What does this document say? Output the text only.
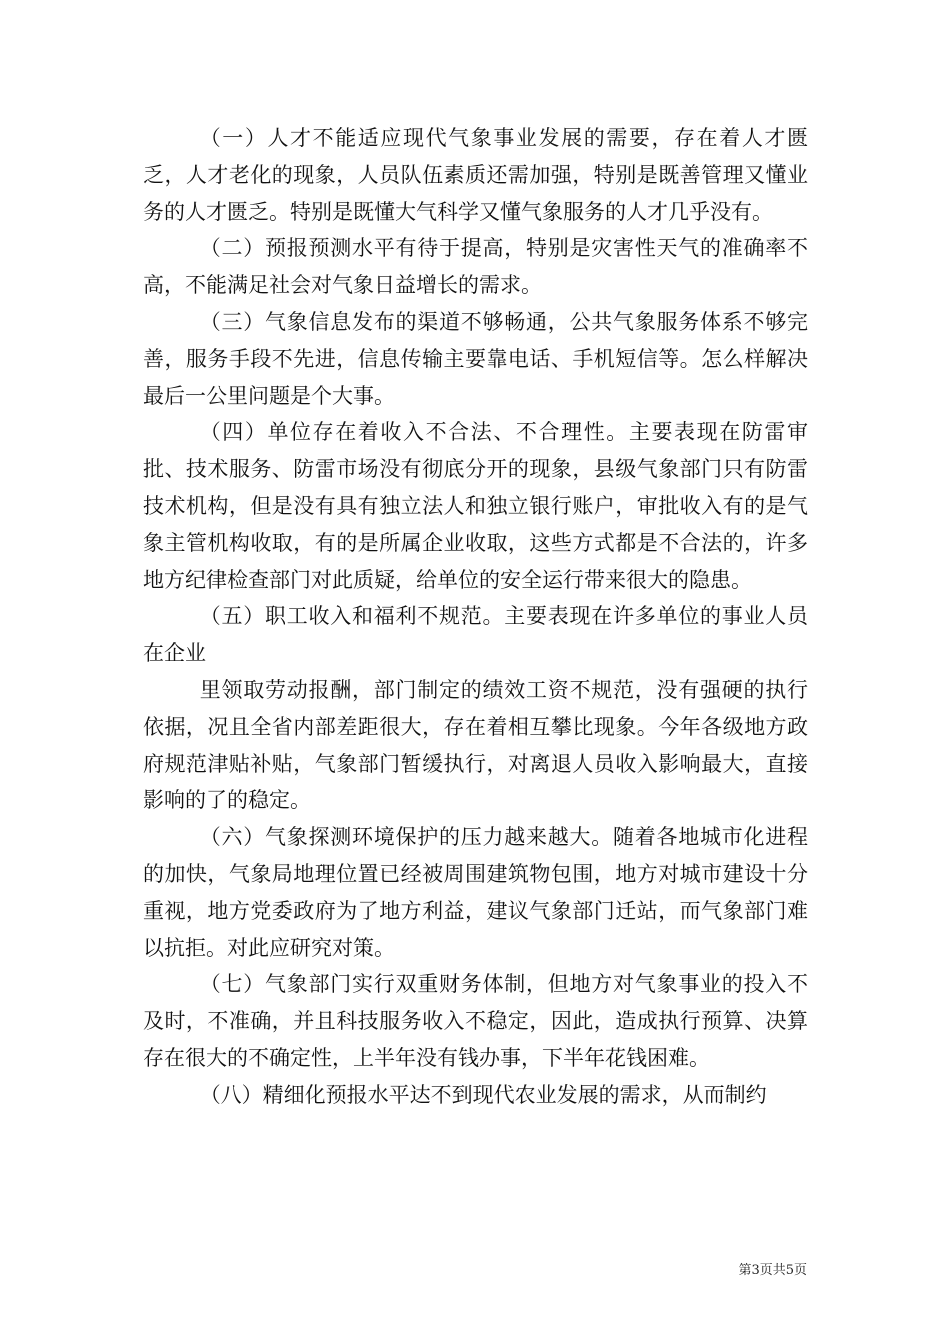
（一）人才不能适应现代气象事业发展的需要，存在着人才匮乏，人才老化的现象，人员队伍素质还需加强，特别是既善管理又懂业务的人才匮乏。特别是既懂大气科学又懂气象服务的人才几乎没有。

（二）预报预测水平有待于提高，特别是灾害性天气的准确率不高，不能满足社会对气象日益增长的需求。

（三）气象信息发布的渠道不够畅通，公共气象服务体系不够完善，服务手段不先进，信息传输主要靠电话、手机短信等。怎么样解决最后一公里问题是个大事。

（四）单位存在着收入不合法、不合理性。主要表现在防雷审批、技术服务、防雷市场没有彻底分开的现象，县级气象部门只有防雷技术机构，但是没有具有独立法人和独立银行账户，审批收入有的是气象主管机构收取，有的是所属企业收取，这些方式都是不合法的，许多地方纪律检查部门对此质疑，给单位的安全运行带来很大的隐患。

（五）职工收入和福利不规范。主要表现在许多单位的事业人员在企业

里领取劳动报酬，部门制定的绩效工资不规范，没有强硬的执行依据，况且全省内部差距很大，存在着相互攀比现象。今年各级地方政府规范津贴补贴，气象部门暂缓执行，对离退人员收入影响最大，直接影响的了的稳定。

（六）气象探测环境保护的压力越来越大。随着各地城市化进程的加快，气象局地理位置已经被周围建筑物包围，地方对城市建设十分重视，地方党委政府为了地方利益，建议气象部门迁站，而气象部门难以抗拒。对此应研究对策。

（七）气象部门实行双重财务体制，但地方对气象事业的投入不及时，不准确，并且科技服务收入不稳定，因此，造成执行预算、决算存在很大的不确定性，上半年没有钱办事，下半年花钱困难。

（八）精细化预报水平达不到现代农业发展的需求，从而制约

第3页共5页
